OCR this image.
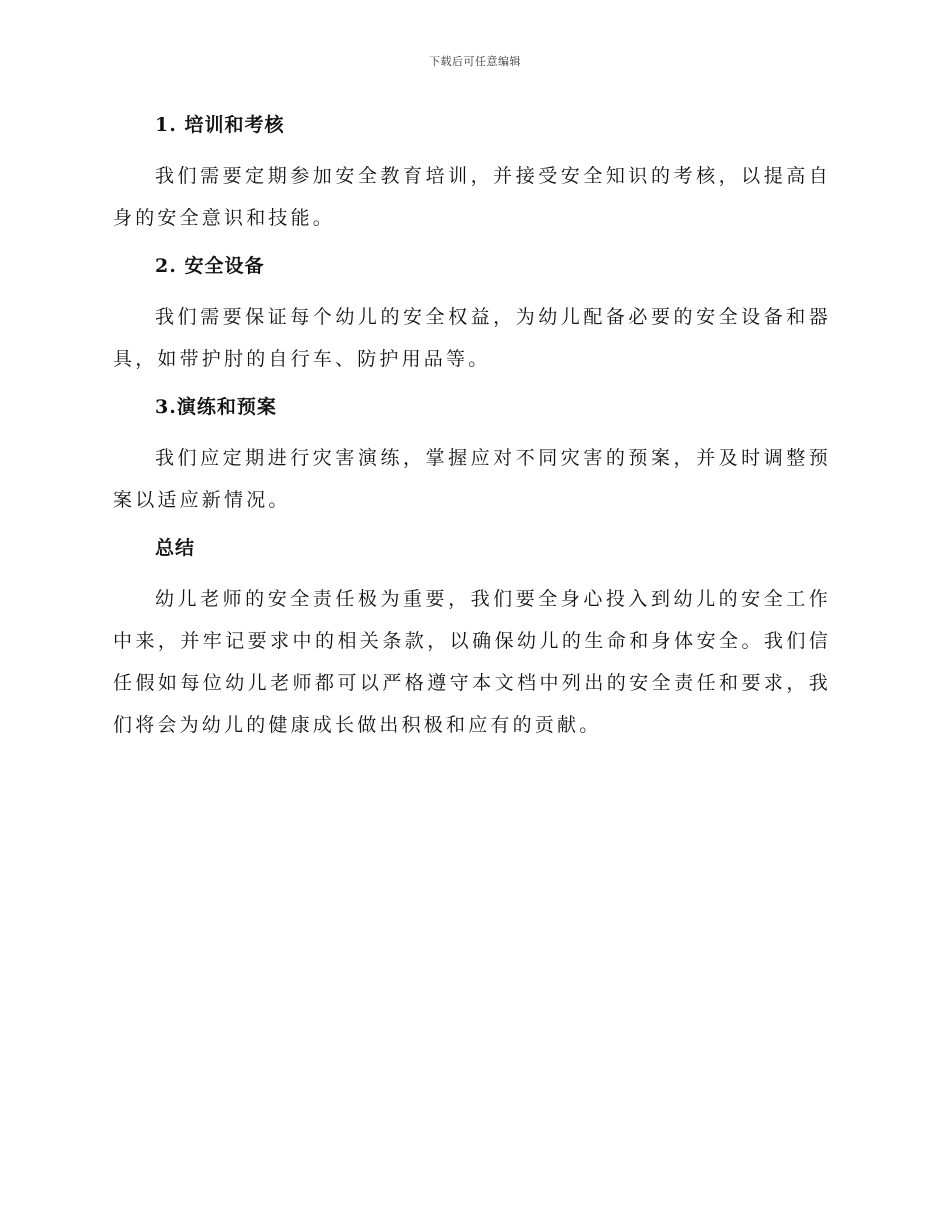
下载后可任意编辑
1. 培训和考核

我们需要定期参加安全教育培训，并接受安全知识的考核，以提高自身的安全意识和技能。

2. 安全设备

我们需要保证每个幼儿的安全权益，为幼儿配备必要的安全设备和器具，如带护肘的自行车、防护用品等。

3.演练和预案

我们应定期进行灾害演练，掌握应对不同灾害的预案，并及时调整预案以适应新情况。

总结

幼儿老师的安全责任极为重要，我们要全身心投入到幼儿的安全工作中来，并牢记要求中的相关条款，以确保幼儿的生命和身体安全。我们信任假如每位幼儿老师都可以严格遵守本文档中列出的安全责任和要求，我们将会为幼儿的健康成长做出积极和应有的贡献。
